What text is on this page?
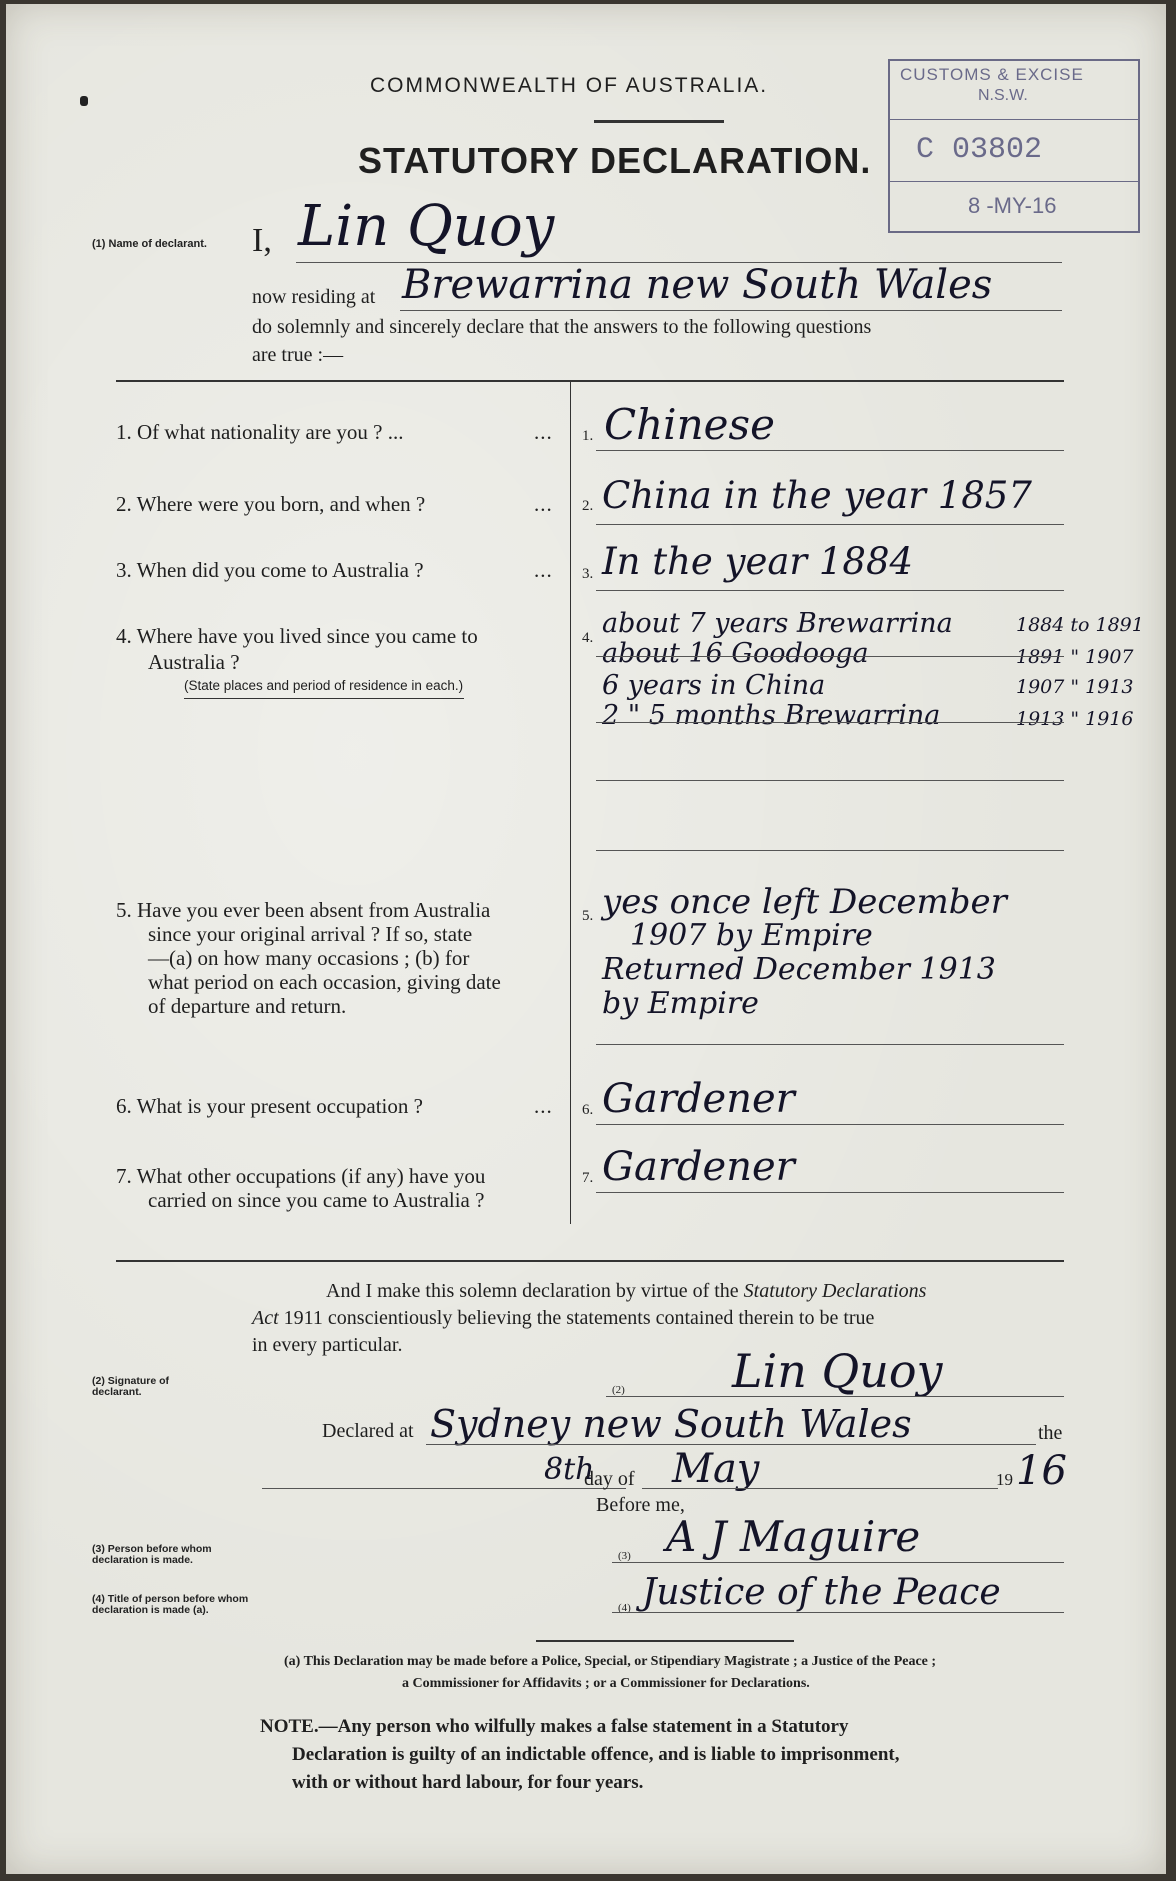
COMMONWEALTH OF AUSTRALIA.
STATUTORY DECLARATION.
CUSTOMS & EXCISE
N.S.W.
C 03802
8 -MY-16
(1) Name of declarant. I, Lin Quoy
now residing at Brewarrina new South Wales
do solemnly and sincerely declare that the answers to the following questions
are true :—
1. Of what nationality are you ? ...	...
2. Where were you born, and when ?	...
3. When did you come to Australia ?	...
4. Where have you lived since you came to
Australia ?
(State places and period of residence in each.)
5. Have you ever been absent from Australia
since your original arrival ? If so, state
—(a) on how many occasions ; (b) for
what period on each occasion, giving date
of departure and return.
6. What is your present occupation ?	...
7. What other occupations (if any) have you
carried on since you came to Australia ?
1. Chinese
2. China in the year 1857
3. In the year 1884
4. about 7 years Brewarrina	1884 to 1891
about 16 Goodooga	1891 " 1907
6 years in China	1907 " 1913
2 " 5 months Brewarrina	1913 " 1916
5. yes once left December
1907 by Empire
Returned December 1913
by Empire
6. Gardener
7. Gardener
And I make this solemn declaration by virtue of the Statutory Declarations
Act 1911 conscientiously believing the statements contained therein to be true
in every particular.
(2) Signature of declarant.	(2) Lin Quoy
Declared at Sydney new South Wales	the
8th
day of May	19 16
Before me,
(3) Person before whom declaration is made.	(3) A J Maguire
(4) Title of person before whom declaration is made (a).	(4) Justice of the Peace
(a) This Declaration may be made before a Police, Special, or Stipendiary Magistrate ; a Justice of the Peace ;
a Commissioner for Affidavits ; or a Commissioner for Declarations.
NOTE.—Any person who wilfully makes a false statement in a Statutory
Declaration is guilty of an indictable offence, and is liable to imprisonment,
with or without hard labour, for four years.
